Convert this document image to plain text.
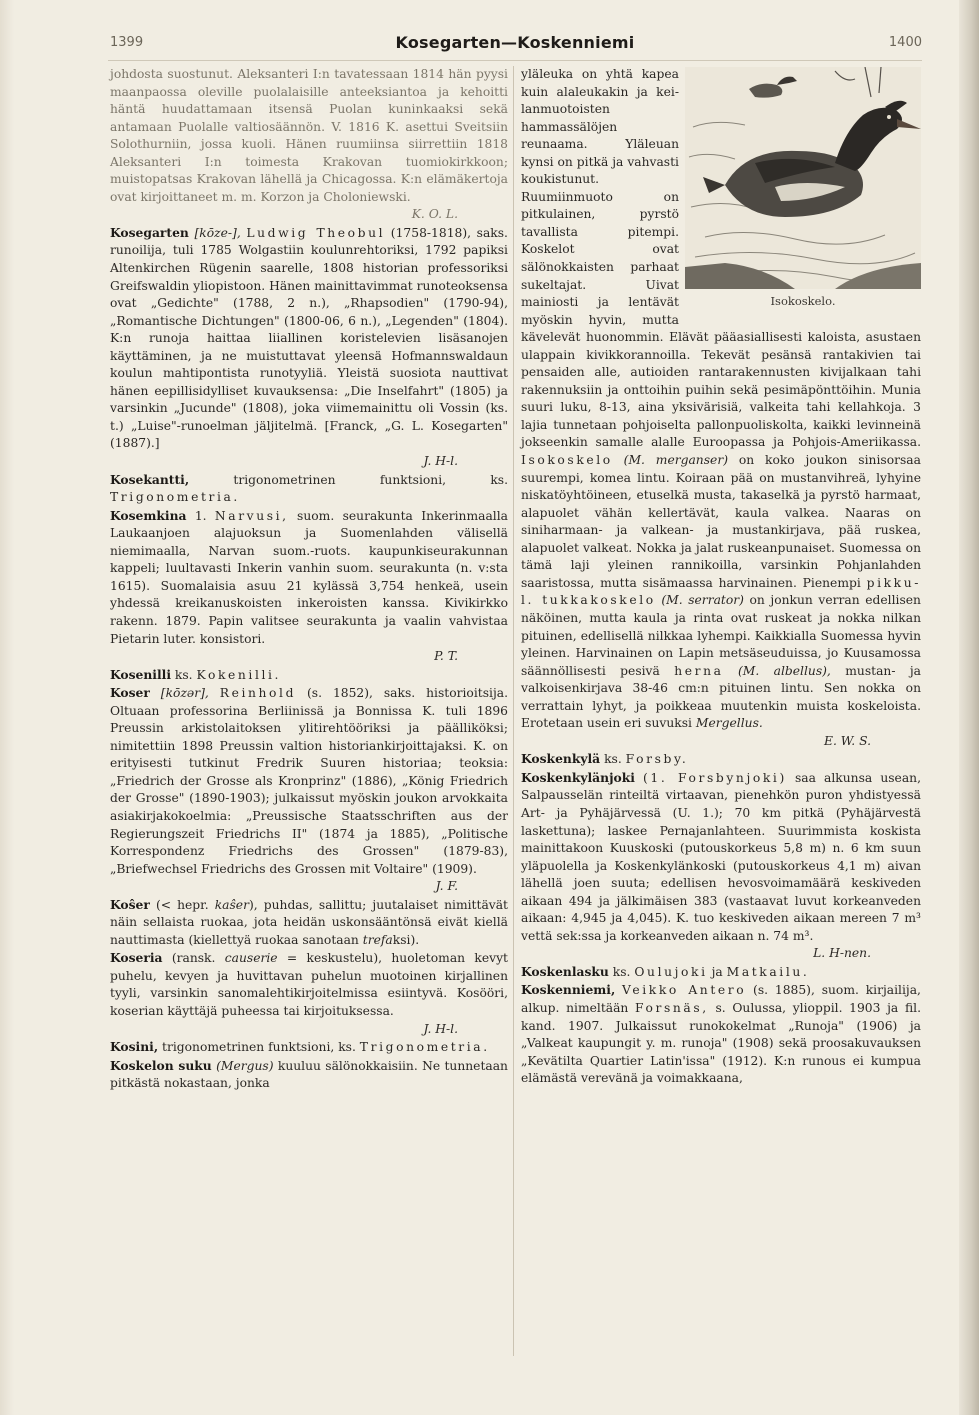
1399	Kosegarten—Koskenniemi	1400

johdosta suostunut. Aleksanteri I:n tavatessaan 1814 hän pyysi maanpaossa oleville puolalaisille anteeksiantoa ja kehoitti häntä huudattamaan itsensä Puolan kuninkaaksi sekä antamaan Puolalle valtiosäännön. V. 1816 K. asettui Sveitsiin Solothurniin, jossa kuoli. Hänen ruumiinsa siirrettiin 1818 Aleksanteri I:n toimesta Krakovan tuomiokirkkoon; muistopatsas Krakovan lähellä ja Chicagossa. K:n elämäkertoja ovat kirjoittaneet m. m. Korzon ja Choloniewski.
K. O. L.

Kosegarten [kōze-], Ludwig Theobul (1758-1818), saks. runoilija, tuli 1785 Wolgastiin koulunrehtoriksi, 1792 papiksi Altenkirchen Rügenin saarelle, 1808 historian professoriksi Greifswaldin yliopistoon. Hänen mainittavimmat runoteoksensa ovat „Gedichte" (1788, 2 n.), „Rhapsodien" (1790-94), „Romantische Dichtungen" (1800-06, 6 n.), „Legenden" (1804). K:n runoja haittaa liiallinen koristelevien lisäsanojen käyttäminen, ja ne muistuttavat yleensä Hofmannswaldaun koulun mahtipontista runotyyliä. Yleistä suosiota nauttivat hänen eepillisidylliset kuvauksensa: „Die Inselfahrt" (1805) ja varsinkin „Jucunde" (1808), joka viimemainittu oli Vossin (ks. t.) „Luise"-runoelman jäljitelmä. [Franck, „G. L. Kosegarten" (1887).]
J. H-l.

Kosekantti,	trigonometrinen funktsioni, ks. Trigonometria.

Kosemkina 1. Narvusi, suom. seurakunta Inkerinmaalla Laukaanjoen alajuoksun ja Suomenlahden välisellä niemimaalla, Narvan suom.-ruots. kaupunkiseurakunnan kappeli; luultavasti Inkerin vanhin suom. seurakunta (n. v:sta 1615). Suomalaisia asuu 21 kylässä 3,754 henkeä, usein yhdessä kreikanuskoisten inkeroisten kanssa. Kivikirkko rakenn. 1879. Papin valitsee seurakunta ja vaalin vahvistaa Pietarin luter. konsistori.
P. T.

Kosenilli ks. Kokenilli.

Koser [kōzər], Reinhold (s. 1852), saks. historioitsija. Oltuaan professorina Berliinissä ja Bonnissa K. tuli 1896 Preussin arkistolaitoksen ylitirehtööriksi ja päälliköksi; nimitettiin 1898 Preussin valtion historiankirjoittajaksi. K. on erityisesti tutkinut Fredrik Suuren historiaa; teoksia: „Friedrich der Grosse als Kronprinz" (1886), „König Friedrich der Grosse" (1890-1903); julkaissut myöskin joukon arvokkaita asiakirjakokoelmia: „Preussische Staatsschriften aus der Regierungszeit Friedrichs II" (1874 ja 1885), „Politische Korrespondenz Friedrichs des Grossen" (1879-83), „Briefwechsel Friedrichs des Grossen mit Voltaire" (1909).
J. F.

Koŝer (< hepr. kaŝer), puhdas, sallittu; juutalaiset nimittävät näin sellaista ruokaa, jota heidän uskonsääntönsä eivät kiellä nauttimasta (kiellettyä ruokaa sanotaan trefaksi).

Koseria (ransk. causerie = keskustelu), huoletoman kevyt puhelu, kevyen ja huvittavan puhelun muotoinen kirjallinen tyyli, varsinkin sanomalehtikirjoitelmissa esiintyvä. Kosööri, koserian käyttäjä puheessa tai kirjoituksessa.
J. H-l.

Kosini, trigonometrinen funktsioni, ks. Trigonometria.

Koskelon suku (Mergus) kuuluu sälönokkaisiin. Ne tunnetaan pitkästä nokastaan, jonka

Isokoskelo.

yläleuka on yhtä kapea kuin alaleukakin ja keilanmuotoisten hammassälöjen reunaama. Yläleuan kynsi on pitkä ja vahvasti koukistunut. Ruumiinmuoto on pitkulainen, pyrstö tavallista pitempi. Koskelot ovat sälönokkaisten parhaat sukeltajat. Uivat mainiosti ja lentävät myöskin hyvin, mutta kävelevät huonommin. Elävät pääasiallisesti kaloista, asustaen ulappain kivikkorannoilla. Tekevät pesänsä rantakivien tai pensaiden alle, autioiden rantarakennusten kivijalkaan tahi rakennuksiin ja onttoihin puihin sekä pesimäpönttöihin. Munia suuri luku, 8-13, aina yksivärisiä, valkeita tahi kellahkoja. 3 lajia tunnetaan pohjoiselta pallonpuoliskolta, kaikki levinneinä jokseenkin samalle alalle Euroopassa ja Pohjois-Ameriikassa. Isokoskelo (M. merganser) on koko joukon sinisorsaa suurempi, komea lintu. Koiraan pää on mustanvihreä, lyhyine niskatöyhtöineen, etuselkä musta, takaselkä ja pyrstö harmaat, alapuolet vähän kellertävät, kaula valkea. Naaras on siniharmaan- ja valkean- ja mustankirjava, pää ruskea, alapuolet valkeat. Nokka ja jalat ruskeanpunaiset. Suomessa on tämä laji yleinen rannikoilla, varsinkin Pohjanlahden saaristossa, mutta sisämaassa harvinainen. Pienempi pikku- l. tukkakoskelo (M. serrator) on jonkun verran edellisen näköinen, mutta kaula ja rinta ovat ruskeat ja nokka nilkan pituinen, edellisellä nilkkaa lyhempi. Kaikkialla Suomessa hyvin yleinen. Harvinainen on Lapin metsäseuduissa, jo Kuusamossa säännöllisesti pesivä herna (M. albellus), mustan- ja valkoisenkirjava 38-46 cm:n pituinen lintu. Sen nokka on verrattain lyhyt, ja poikkeaa muutenkin muista koskeloista. Erotetaan usein eri suvuksi Mergellus.
E. W. S.

Koskenkylä ks. Forsby.

Koskenkylänjoki (1. Forsbynjoki) saa alkunsa usean, Salpausselän rinteiltä virtaavan, pienehkön puron yhdistyessä Art- ja Pyhäjärvessä (U. 1.); 70 km pitkä (Pyhäjärvestä laskettuna); laskee Pernajanlahteen. Suurimmista koskista mainittakoon Kuuskoski (putouskorkeus 5,8 m) n. 6 km suun yläpuolella ja Koskenkylänkoski (putouskorkeus 4,1 m) aivan lähellä joen suuta; edellisen hevosvoimamäärä keskiveden aikaan 494 ja jälkimäisen 383 (vastaavat luvut korkeanveden aikaan: 4,945 ja 4,045). K. tuo keskiveden aikaan mereen 7 m³ vettä sek:ssa ja korkeanveden aikaan n. 74 m³.
L. H-nen.

Koskenlasku ks. Oulujoki ja Matkailu.

Koskenniemi, Veikko Antero (s. 1885), suom. kirjailija, alkup. nimeltään Forsnäs, s. Oulussa, ylioppil. 1903 ja fil. kand. 1907. Julkaissut runokokelmat „Runoja" (1906) ja „Valkeat kaupungit y. m. runoja" (1908) sekä proosakuvauksen „Kevätilta Quartier Latin'issa" (1912). K:n runous ei kumpua elämästä verevänä ja voimakkaana,
